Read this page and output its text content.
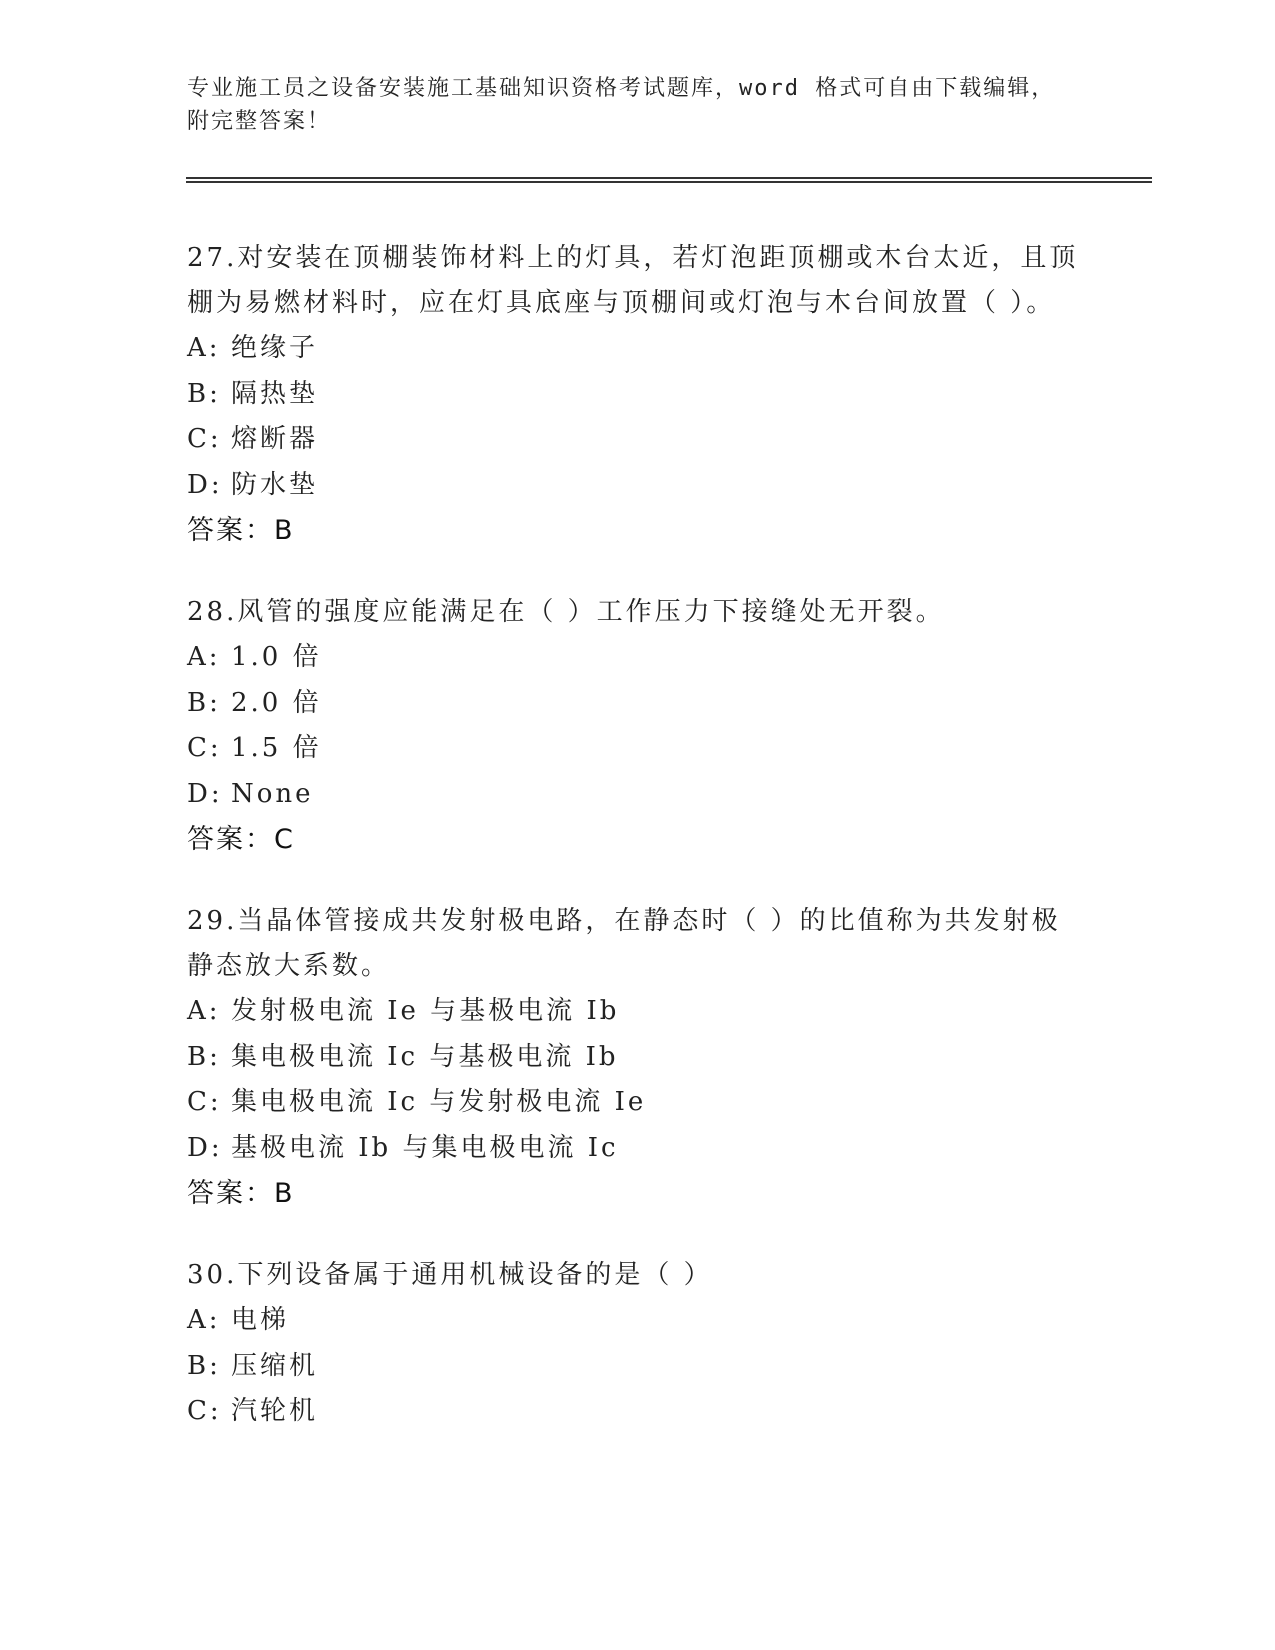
专业施工员之设备安装施工基础知识资格考试题库，word 格式可自由下载编辑，
附完整答案！

27.对安装在顶棚装饰材料上的灯具，若灯泡距顶棚或木台太近，且顶

棚为易燃材料时，应在灯具底座与顶棚间或灯泡与木台间放置（ ）。

A: 绝缘子

B: 隔热垫

C: 熔断器

D: 防水垫

答案：B

28.风管的强度应能满足在（ ）工作压力下接缝处无开裂。

A: 1.0 倍

B: 2.0 倍

C: 1.5 倍

D: None

答案：C

29.当晶体管接成共发射极电路，在静态时（ ）的比值称为共发射极

静态放大系数。

A: 发射极电流 Ie 与基极电流 Ib

B: 集电极电流 Ic 与基极电流 Ib

C: 集电极电流 Ic 与发射极电流 Ie

D: 基极电流 Ib 与集电极电流 Ic

答案：B

30.下列设备属于通用机械设备的是（ ）

A: 电梯

B: 压缩机

C: 汽轮机
